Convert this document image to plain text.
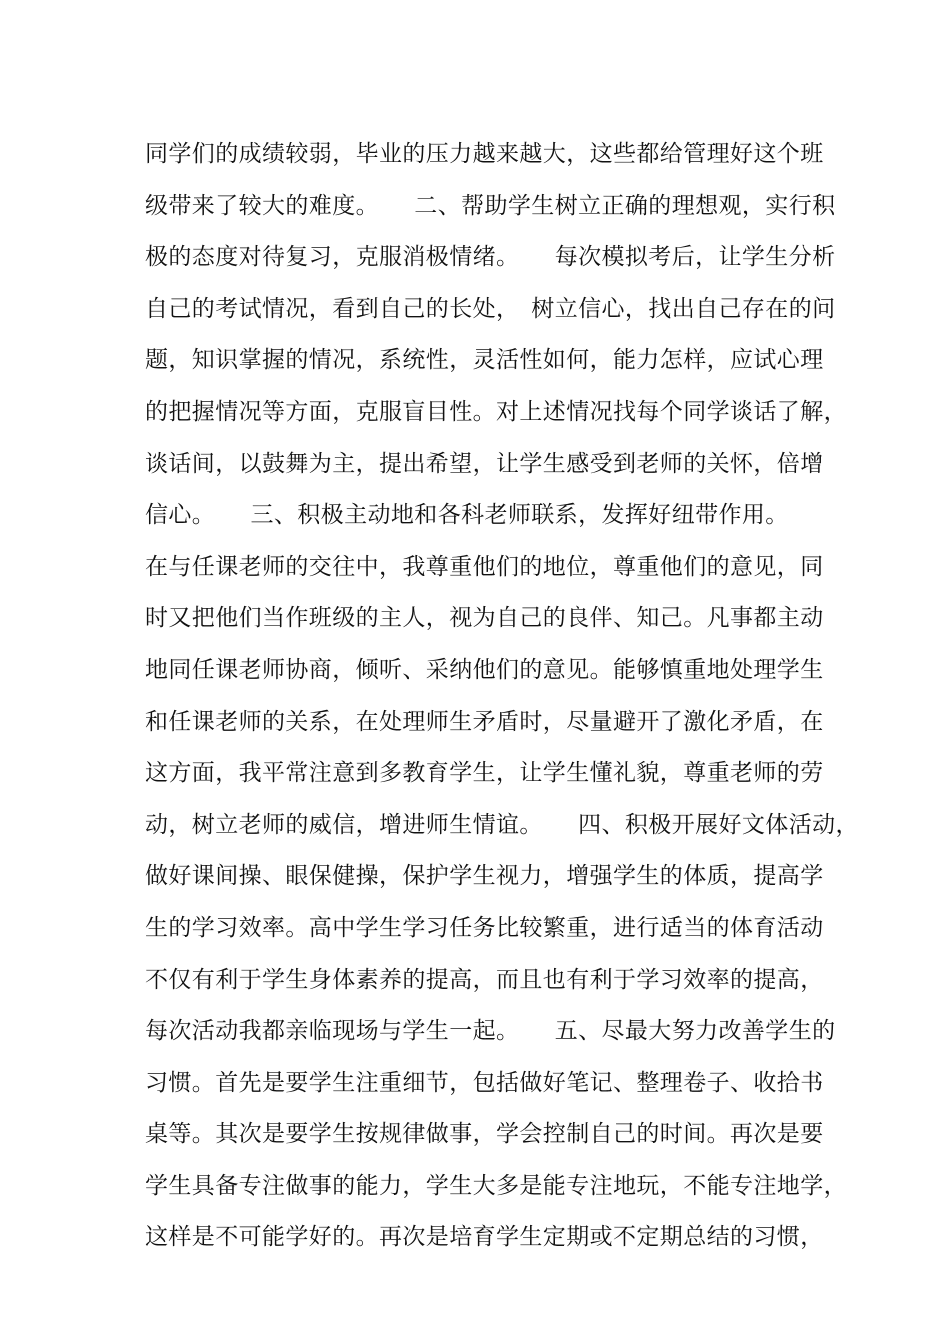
同学们的成绩较弱，毕业的压力越来越大，这些都给管理好这个班
级带来了较大的难度。　　二、帮助学生树立正确的理想观，实行积
极的态度对待复习，克服消极情绪。　　每次模拟考后，让学生分析
自己的考试情况，看到自己的长处，　树立信心，找出自己存在的问
题，知识掌握的情况，系统性，灵活性如何，能力怎样，应试心理
的把握情况等方面，克服盲目性。对上述情况找每个同学谈话了解，
谈话间，以鼓舞为主，提出希望，让学生感受到老师的关怀，倍增
信心。　　三、积极主动地和各科老师联系，发挥好纽带作用。
在与任课老师的交往中，我尊重他们的地位，尊重他们的意见，同
时又把他们当作班级的主人，视为自己的良伴、知己。凡事都主动
地同任课老师协商，倾听、采纳他们的意见。能够慎重地处理学生
和任课老师的关系，在处理师生矛盾时，尽量避开了激化矛盾，在
这方面，我平常注意到多教育学生，让学生懂礼貌，尊重老师的劳
动，树立老师的威信，增进师生情谊。　　四、积极开展好文体活动，
做好课间操、眼保健操，保护学生视力，增强学生的体质，提高学
生的学习效率。高中学生学习任务比较繁重，进行适当的体育活动
不仅有利于学生身体素养的提高，而且也有利于学习效率的提高，
每次活动我都亲临现场与学生一起。　　五、尽最大努力改善学生的
习惯。首先是要学生注重细节，包括做好笔记、整理卷子、收拾书
桌等。其次是要学生按规律做事，学会控制自己的时间。再次是要
学生具备专注做事的能力，学生大多是能专注地玩，不能专注地学，
这样是不可能学好的。再次是培育学生定期或不定期总结的习惯，
